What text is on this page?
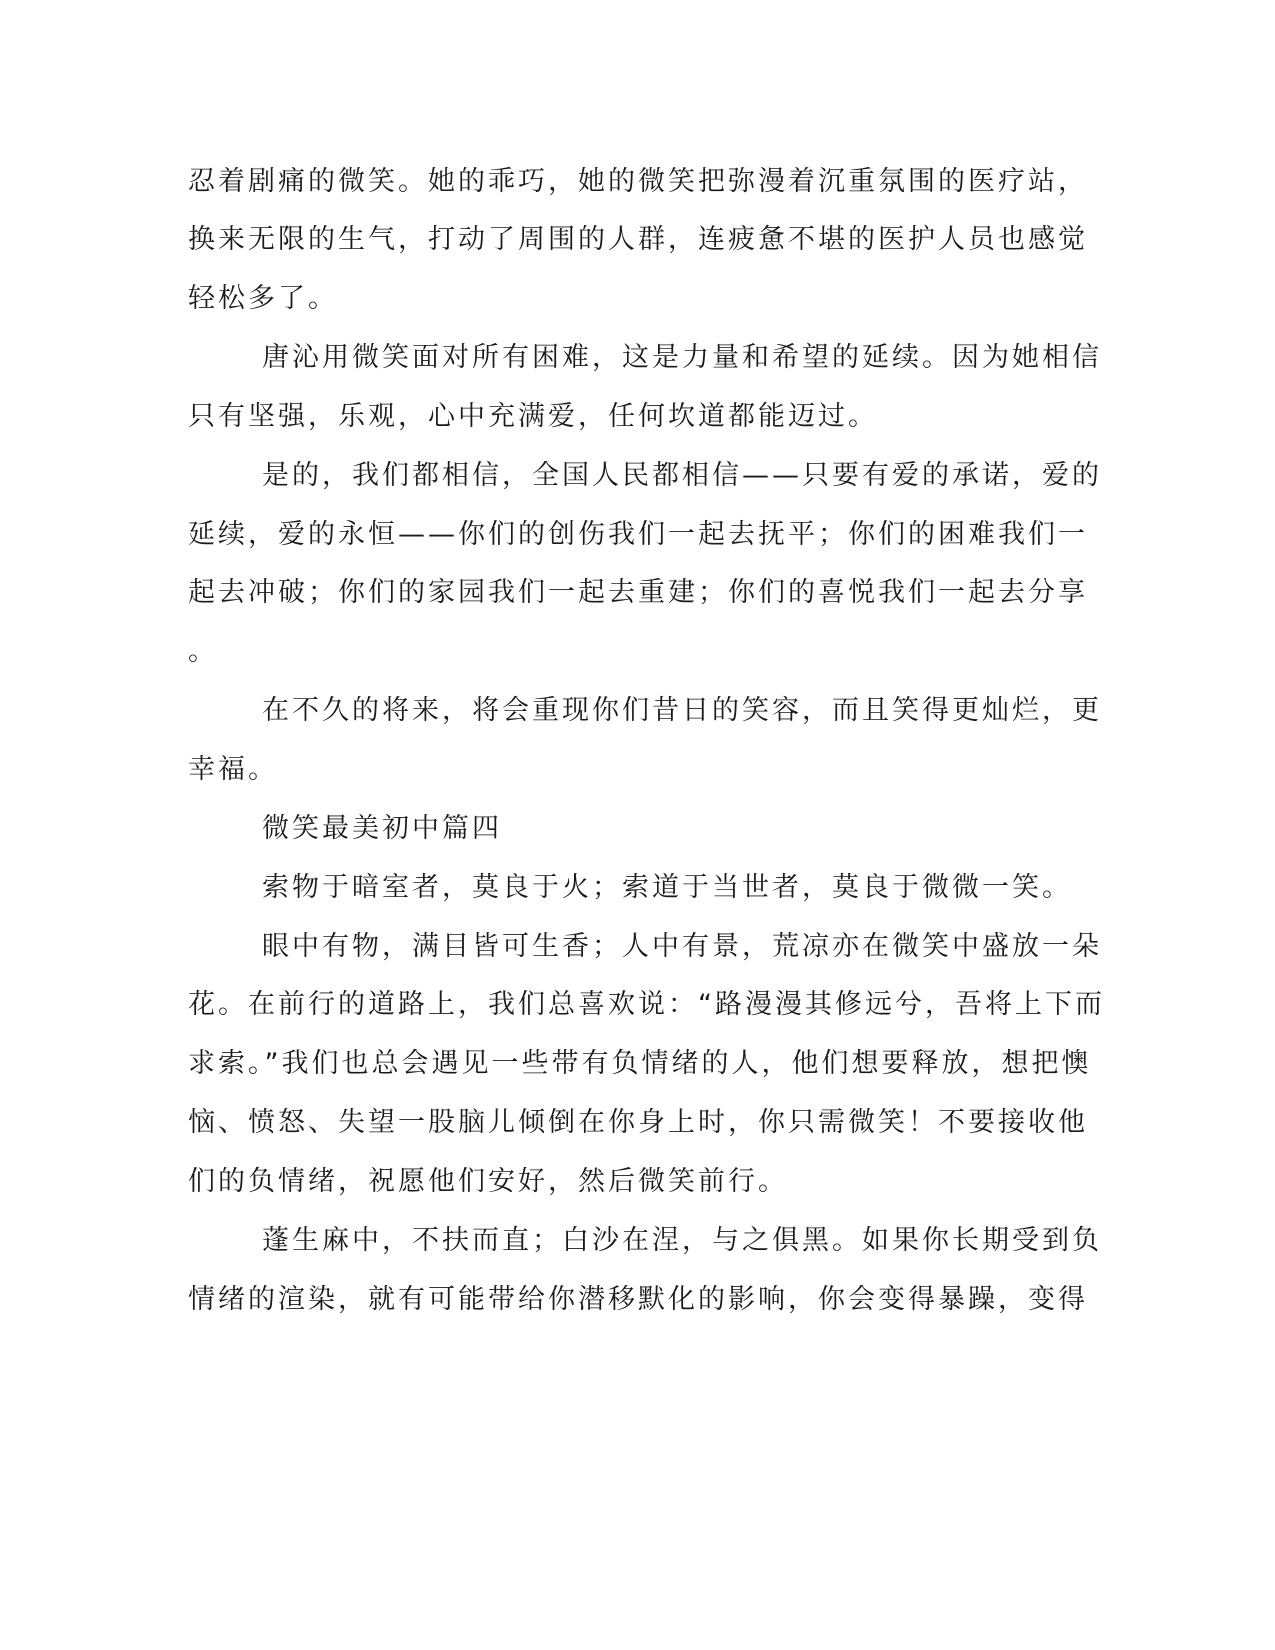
忍着剧痛的微笑。她的乖巧，她的微笑把弥漫着沉重氛围的医疗站，
换来无限的生气，打动了周围的人群，连疲惫不堪的医护人员也感觉
轻松多了。
唐沁用微笑面对所有困难，这是力量和希望的延续。因为她相信
只有坚强，乐观，心中充满爱，任何坎道都能迈过。
是的，我们都相信，全国人民都相信——只要有爱的承诺，爱的
延续，爱的永恒——你们的创伤我们一起去抚平；你们的困难我们一
起去冲破；你们的家园我们一起去重建；你们的喜悦我们一起去分享
。
在不久的将来，将会重现你们昔日的笑容，而且笑得更灿烂，更
幸福。
微笑最美初中篇四
索物于暗室者，莫良于火；索道于当世者，莫良于微微一笑。
眼中有物，满目皆可生香；人中有景，荒凉亦在微笑中盛放一朵
花。在前行的道路上，我们总喜欢说：“路漫漫其修远兮，吾将上下而
求索。”我们也总会遇见一些带有负情绪的人，他们想要释放，想把懊
恼、愤怒、失望一股脑儿倾倒在你身上时，你只需微笑！不要接收他
们的负情绪，祝愿他们安好，然后微笑前行。
蓬生麻中，不扶而直；白沙在涅，与之俱黑。如果你长期受到负
情绪的渲染，就有可能带给你潜移默化的影响，你会变得暴躁，变得
